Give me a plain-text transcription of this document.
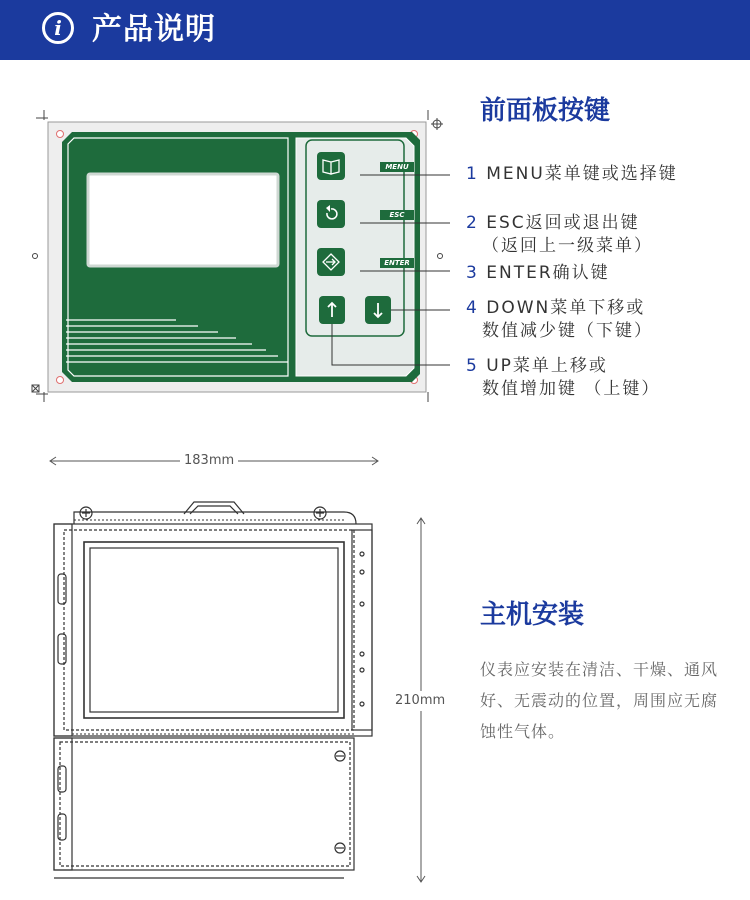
i	产品说明
MENU
ESC
ENTER
前面板按键
1 MENU菜单键或选择键
2 ESC返回或退出键
（返回上一级菜单）
3 ENTER确认键
4 DOWN菜单下移或
数值减少键（下键）
5 UP菜单上移或
数值增加键 （上键）
183mm
210mm
主机安装
仪表应安装在清洁、干燥、通风好、无震动的位置，周围应无腐蚀性气体。
